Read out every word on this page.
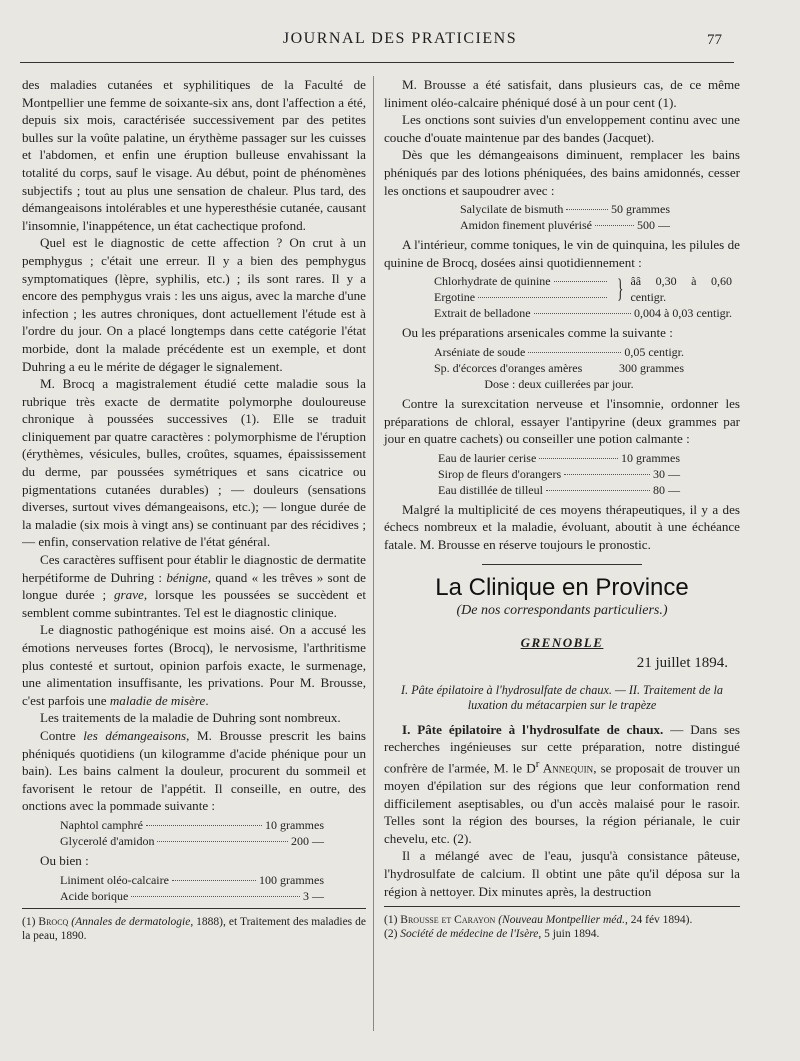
JOURNAL DES PRATICIENS	77

des maladies cutanées et syphilitiques de la Faculté de Montpellier une femme de soixante-six ans, dont l'affection a été, depuis six mois, caractérisée successivement par des petites bulles sur la voûte palatine, un érythème passager sur les cuisses et l'abdomen, et enfin une éruption bulleuse envahissant la totalité du corps, sauf le visage. Au début, point de phénomènes subjectifs ; tout au plus une sensation de chaleur. Plus tard, des démangeaisons intolérables et une hyperesthésie cutanée, causant l'insomnie, l'inappétence, un état cachectique profond.

Quel est le diagnostic de cette affection ? On crut à un pemphygus ; c'était une erreur. Il y a bien des pemphygus symptomatiques (lèpre, syphilis, etc.) ; ils sont rares. Il y a encore des pemphygus vrais : les uns aigus, avec la marche d'une infection ; les autres chroniques, dont actuellement l'étude est à l'ordre du jour. On a placé longtemps dans cette catégorie l'état morbide, dont la malade précédente est un exemple, et dont Duhring a eu le mérite de dégager le signalement.

M. Brocq a magistralement étudié cette maladie sous la rubrique très exacte de dermatite polymorphe douloureuse chronique à poussées successives (1). Elle se traduit cliniquement par quatre caractères : polymorphisme de l'éruption (érythèmes, vésicules, bulles, croûtes, squames, épaississement du derme, par poussées symétriques et sans cicatrice ou pigmentations cutanées durables) ; — douleurs (sensations diverses, surtout vives démangeaisons, etc.); — longue durée de la maladie (six mois à vingt ans) se continuant par des récidives ; — enfin, conservation relative de l'état général.

Ces caractères suffisent pour établir le diagnostic de dermatite herpétiforme de Duhring : bénigne, quand « les trêves » sont de longue durée ; grave, lorsque les poussées se succèdent et semblent comme subintrantes. Tel est le diagnostic clinique.

Le diagnostic pathogénique est moins aisé. On a accusé les émotions nerveuses fortes (Brocq), le nervosisme, l'arthritisme plus contesté et surtout, opinion parfois exacte, le surmenage, une alimentation insuffisante, les privations. Pour M. Brousse, c'est parfois une maladie de misère.

Les traitements de la maladie de Duhring sont nombreux.

Contre les démangeaisons, M. Brousse prescrit les bains phéniqués quotidiens (un kilogramme d'acide phénique pour un bain). Les bains calment la douleur, procurent du sommeil et favorisent le retour de l'appétit. Il conseille, en outre, des onctions avec la pommade suivante :

Naphtol camphré	10 grammes
Glycerolé d'amidon	200 —

Ou bien :

Liniment oléo-calcaire	100 grammes
Acide borique	3 —

(1) Brocq (Annales de dermatologie, 1888), et Traitement des maladies de la peau, 1890.

M. Brousse a été satisfait, dans plusieurs cas, de ce même liniment oléo-calcaire phéniqué dosé à un pour cent (1).

Les onctions sont suivies d'un enveloppement continu avec une couche d'ouate maintenue par des bandes (Jacquet).

Dès que les démangeaisons diminuent, remplacer les bains phéniqués par des lotions phéniquées, des bains amidonnés, cesser les onctions et saupoudrer avec :

Salycilate de bismuth	50 grammes
Amidon finement pluvérisé	500 —

A l'intérieur, comme toniques, le vin de quinquina, les pilules de quinine de Brocq, dosées ainsi quotidiennement :

Chlorhydrate de quinine
Ergotine	} ââ 0,30 à 0,60 centigr.
Extrait de belladone	0,004 à 0,03 centigr.

Ou les préparations arsenicales comme la suivante :

Arséniate de soude	0,05 centigr.
Sp. d'écorces d'oranges amères	300 grammes
Dose : deux cuillerées par jour.

Contre la surexcitation nerveuse et l'insomnie, ordonner les préparations de chloral, essayer l'antipyrine (deux grammes par jour en quatre cachets) ou conseiller une potion calmante :

Eau de laurier cerise	10 grammes
Sirop de fleurs d'orangers	30 —
Eau distillée de tilleul	80 —

Malgré la multiplicité de ces moyens thérapeutiques, il y a des échecs nombreux et la maladie, évoluant, aboutit à une échéance fatale. M. Brousse en réserve toujours le pronostic.

La Clinique en Province
(De nos correspondants particuliers.)
GRENOBLE
21 juillet 1894.
I. Pâte épilatoire à l'hydrosulfate de chaux. — II. Traitement de la luxation du métacarpien sur le trapèze

I. Pâte épilatoire à l'hydrosulfate de chaux. — Dans ses recherches ingénieuses sur cette préparation, notre distingué confrère de l'armée, M. le $D^r$ Annequin, se proposait de trouver un moyen d'épilation sur des régions que leur conformation rend difficilement aseptisables, ou d'un accès malaisé pour le rasoir. Telles sont la région des bourses, la région périanale, le cuir chevelu, etc. (2).

Il a mélangé avec de l'eau, jusqu'à consistance pâteuse, l'hydrosulfate de calcium. Il obtint une pâte qu'il déposa sur la région à nettoyer. Dix minutes après, la destruction

(1) Brousse et Carayon (Nouveau Montpellier méd., 24 fév 1894).

(2) Société de médecine de l'Isère, 5 juin 1894.
